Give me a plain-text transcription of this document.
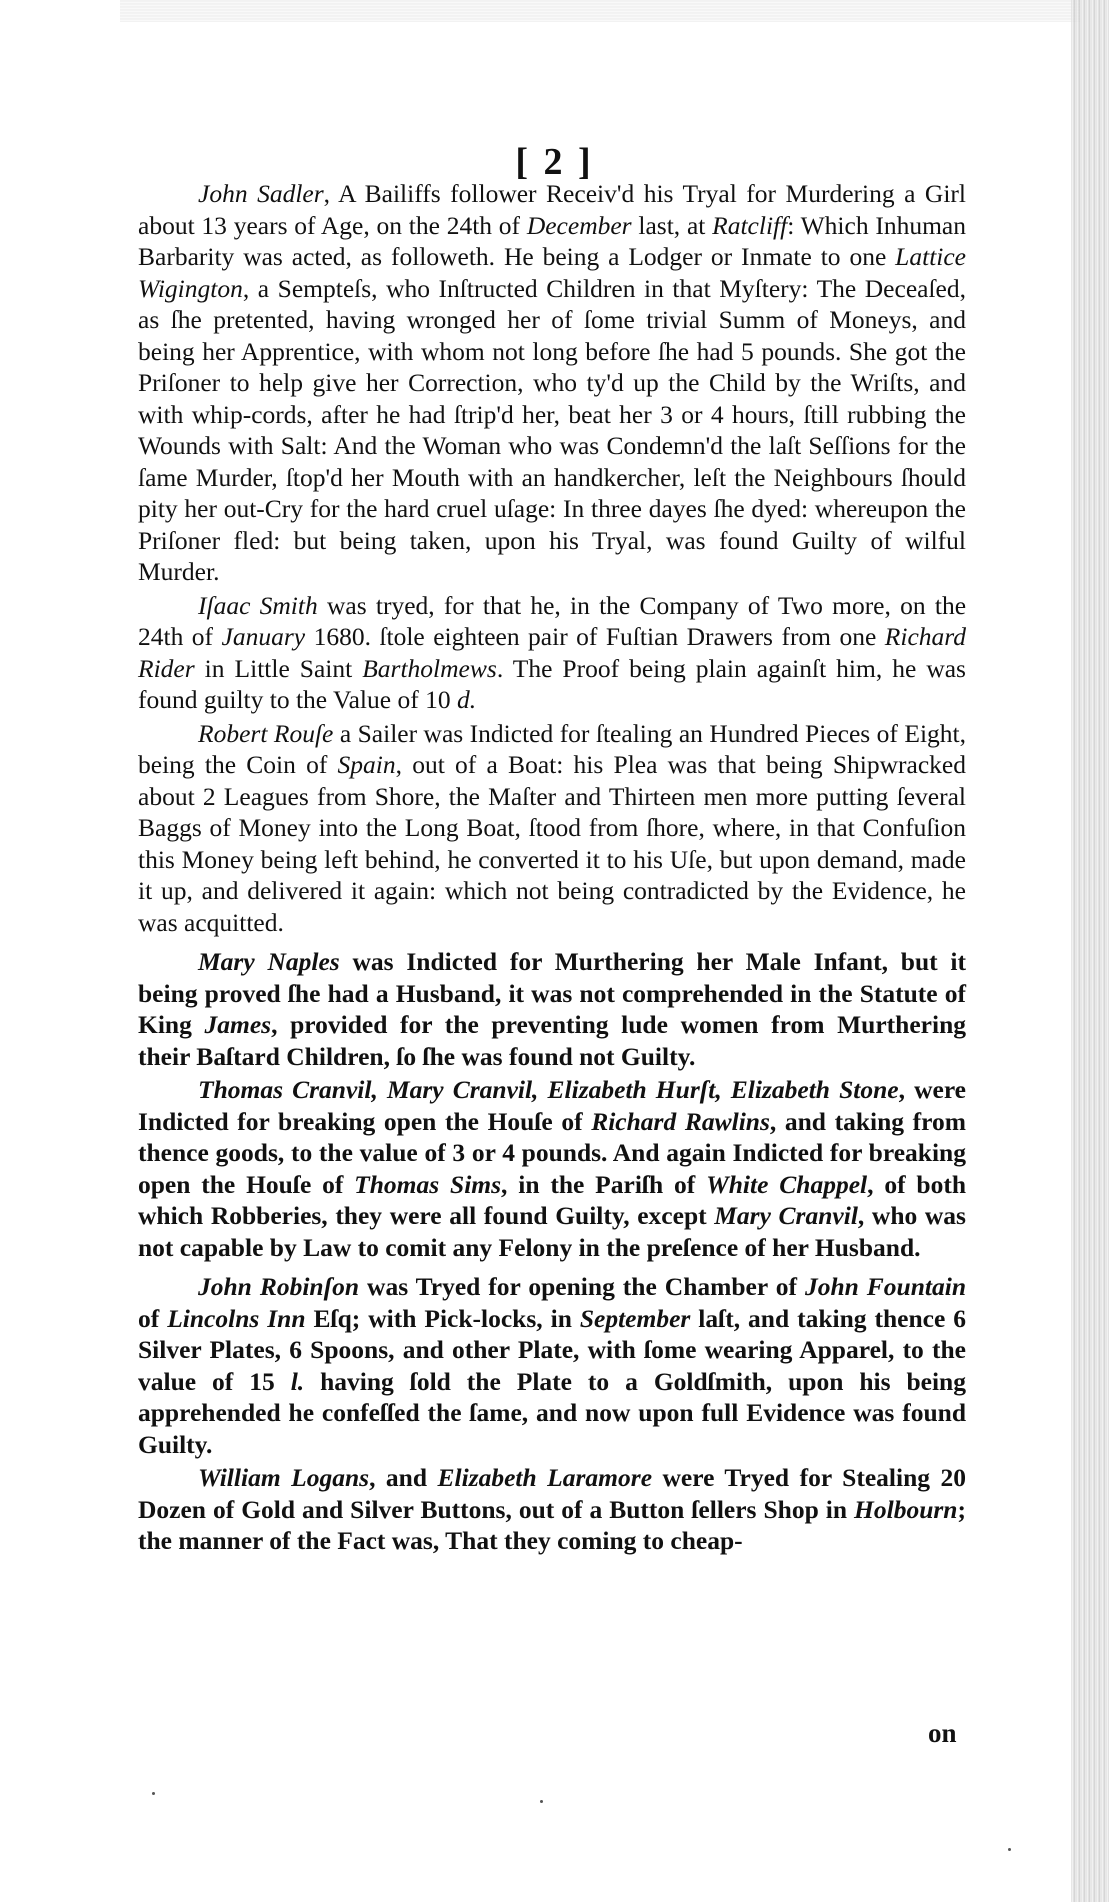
[ 2 ]

John Sadler, A Bailiffs follower Receiv'd his Tryal for Murdering a Girl about 13 years of Age, on the 24th of December last, at Ratcliff: Which Inhuman Barbarity was acted, as followeth. He being a Lodger or Inmate to one Lattice Wigington, a Sempteſs, who Inſtructed Children in that Myſtery: The Deceaſed, as ſhe pretented, having wronged her of ſome trivial Summ of Moneys, and being her Apprentice, with whom not long before ſhe had 5 pounds. She got the Priſoner to help give her Correction, who ty'd up the Child by the Wriſts, and with whip-cords, after he had ſtrip'd her, beat her 3 or 4 hours, ſtill rubbing the Wounds with Salt: And the Woman who was Condemn'd the laſt Seſſions for the ſame Murder, ſtop'd her Mouth with an handkercher, leſt the Neighbours ſhould pity her out-Cry for the hard cruel uſage: In three dayes ſhe dyed: whereupon the Priſoner fled: but being taken, upon his Tryal, was found Guilty of wilful Murder.

Iſaac Smith was tryed, for that he, in the Company of Two more, on the 24th of January 1680. ſtole eighteen pair of Fuſtian Drawers from one Richard Rider in Little Saint Bartholmews. The Proof being plain againſt him, he was found guilty to the Value of 10 d.

Robert Rouſe a Sailer was Indicted for ſtealing an Hundred Pieces of Eight, being the Coin of Spain, out of a Boat: his Plea was that being Shipwracked about 2 Leagues from Shore, the Maſter and Thirteen men more putting ſeveral Baggs of Money into the Long Boat, ſtood from ſhore, where, in that Confuſion this Money being left behind, he converted it to his Uſe, but upon demand, made it up, and delivered it again: which not being contradicted by the Evidence, he was acquitted.

Mary Naples was Indicted for Murthering her Male Infant, but it being proved ſhe had a Husband, it was not comprehended in the Statute of King James, provided for the preventing lude women from Murthering their Baſtard Children, ſo ſhe was found not Guilty.

Thomas Cranvil, Mary Cranvil, Elizabeth Hurſt, Elizabeth Stone, were Indicted for breaking open the Houſe of Richard Rawlins, and taking from thence goods, to the value of 3 or 4 pounds. And again Indicted for breaking open the Houſe of Thomas Sims, in the Pariſh of White Chappel, of both which Robberies, they were all found Guilty, except Mary Cranvil, who was not capable by Law to comit any Felony in the preſence of her Husband.

John Robinſon was Tryed for opening the Chamber of John Fountain of Lincolns Inn Eſq; with Pick-locks, in September laſt, and taking thence 6 Silver Plates, 6 Spoons, and other Plate, with ſome wearing Apparel, to the value of 15 l. having ſold the Plate to a Goldſmith, upon his being apprehended he confeſſed the ſame, and now upon full Evidence was found Guilty.

William Logans, and Elizabeth Laramore were Tryed for Stealing 20 Dozen of Gold and Silver Buttons, out of a Button ſellers Shop in Holbourn; the manner of the Fact was, That they coming to cheap-

on
